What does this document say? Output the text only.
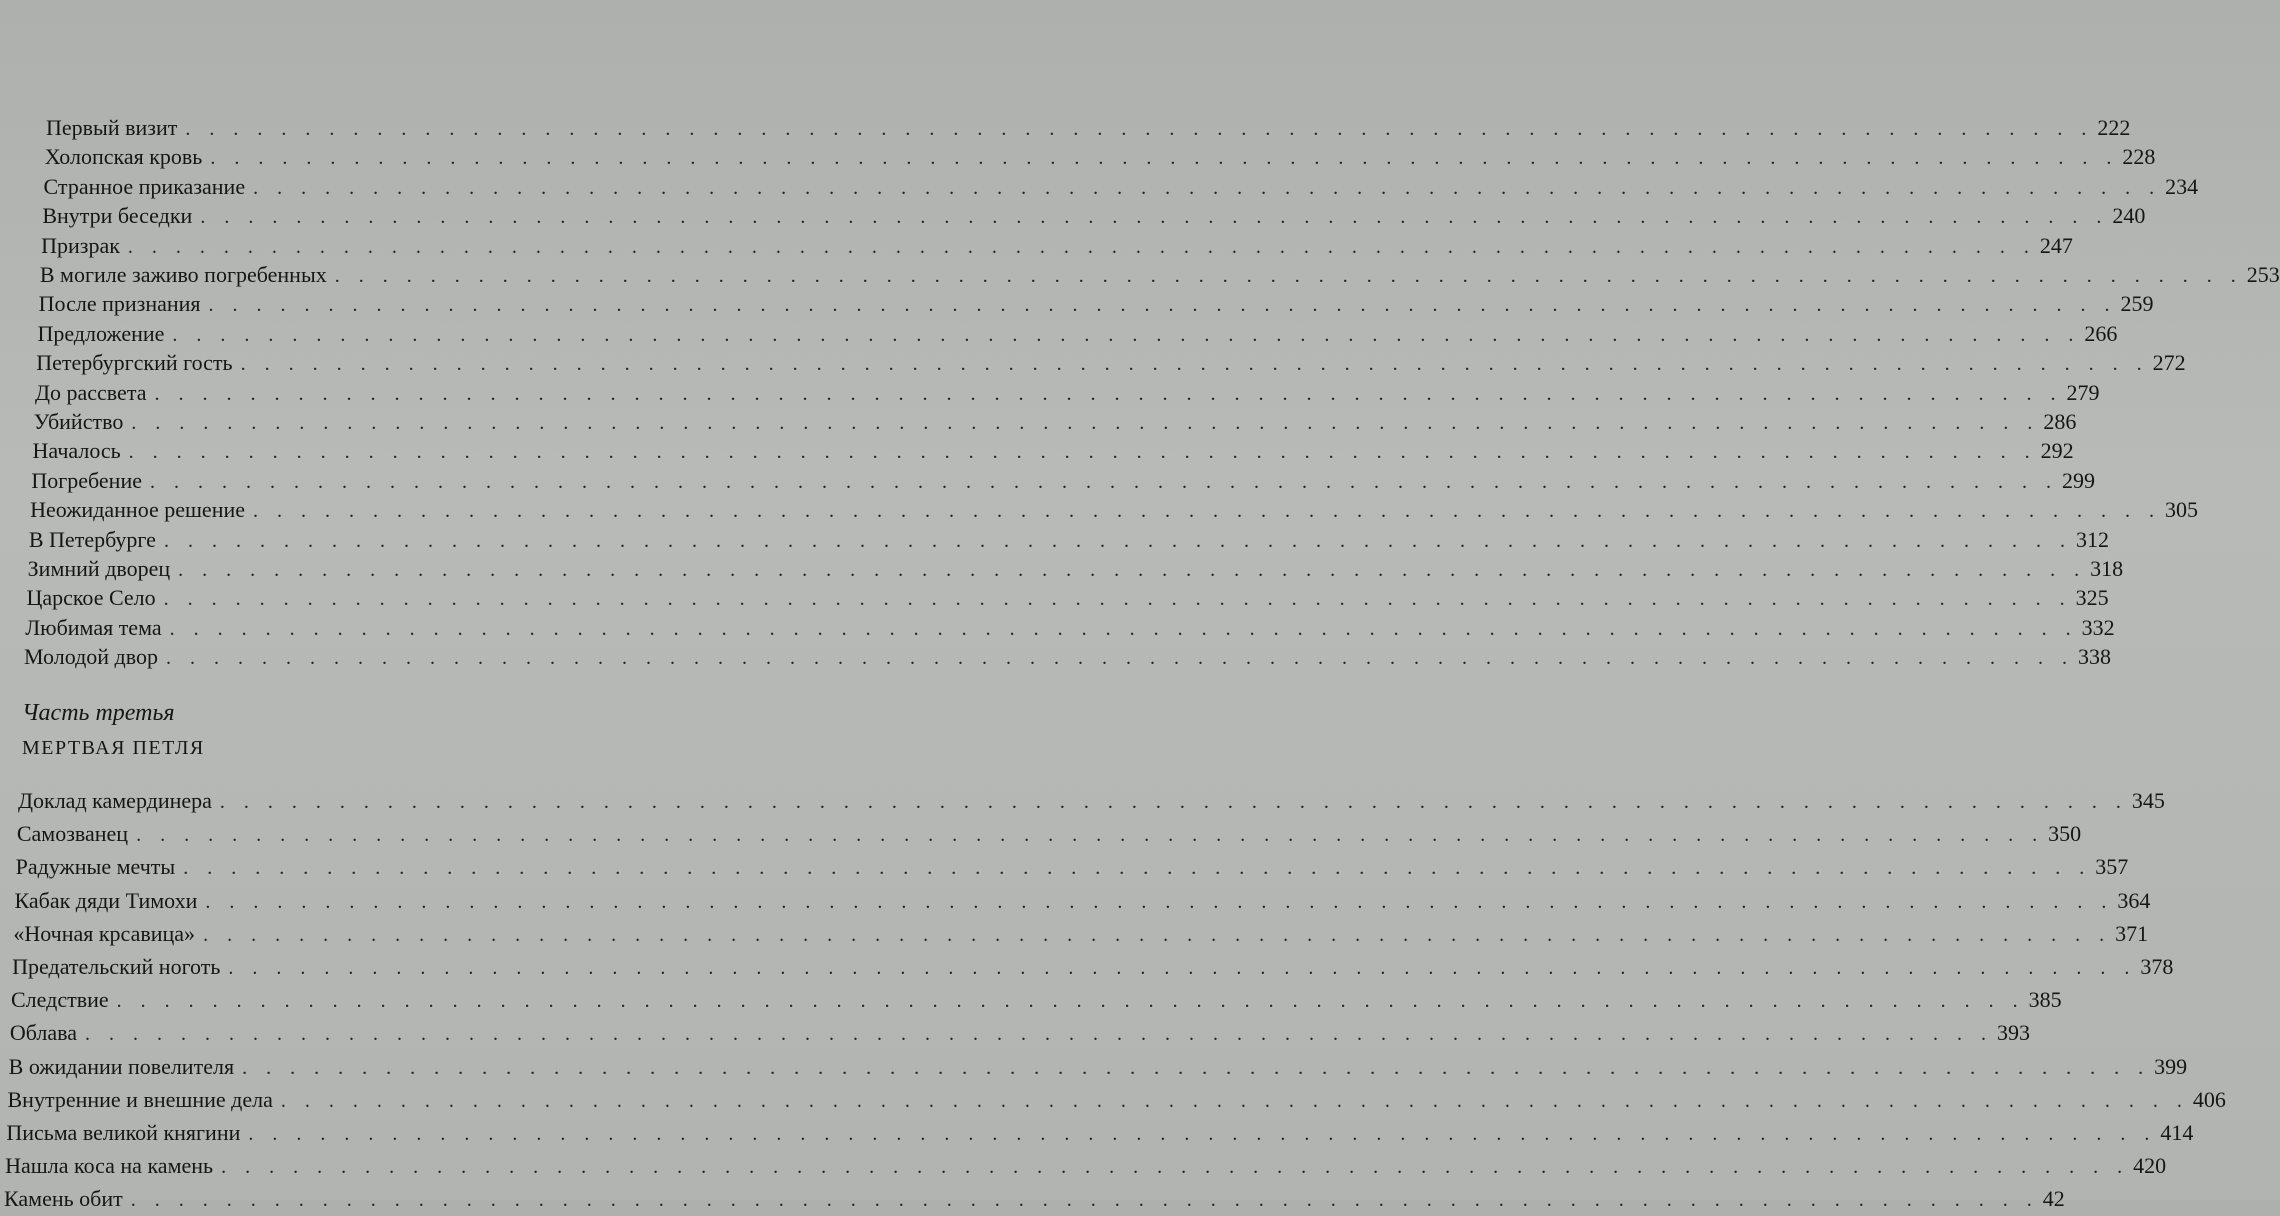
Первый визит . . . . . . . . . . . . . . . . . . . . . . . . . . . . . . . . . . . . . . . . . . . . . . . . . . . . . . . . . . . . . . . . . . . . . . . . . . . . . . . . 222
Холопская кровь . . . . . . . . . . . . . . . . . . . . . . . . . . . . . . . . . . . . . . . . . . . . . . . . . . . . . . . . . . . . . . . . . . . . . . . . . . . . . . . . 228
Странное приказание . . . . . . . . . . . . . . . . . . . . . . . . . . . . . . . . . . . . . . . . . . . . . . . . . . . . . . . . . . . . . . . . . . . . . . . . . . . . . . . . 234
Внутри беседки . . . . . . . . . . . . . . . . . . . . . . . . . . . . . . . . . . . . . . . . . . . . . . . . . . . . . . . . . . . . . . . . . . . . . . . . . . . . . . . . 240
Призрак . . . . . . . . . . . . . . . . . . . . . . . . . . . . . . . . . . . . . . . . . . . . . . . . . . . . . . . . . . . . . . . . . . . . . . . . . . . . . . . . 247
В могиле заживо погребенных . . . . . . . . . . . . . . . . . . . . . . . . . . . . . . . . . . . . . . . . . . . . . . . . . . . . . . . . . . . . . . . . . . . . . . . . . . . . . . . . 253
После признания . . . . . . . . . . . . . . . . . . . . . . . . . . . . . . . . . . . . . . . . . . . . . . . . . . . . . . . . . . . . . . . . . . . . . . . . . . . . . . . . 259
Предложение . . . . . . . . . . . . . . . . . . . . . . . . . . . . . . . . . . . . . . . . . . . . . . . . . . . . . . . . . . . . . . . . . . . . . . . . . . . . . . . . 266
Петербургский гость . . . . . . . . . . . . . . . . . . . . . . . . . . . . . . . . . . . . . . . . . . . . . . . . . . . . . . . . . . . . . . . . . . . . . . . . . . . . . . . . 272
До рассвета . . . . . . . . . . . . . . . . . . . . . . . . . . . . . . . . . . . . . . . . . . . . . . . . . . . . . . . . . . . . . . . . . . . . . . . . . . . . . . . . 279
Убийство . . . . . . . . . . . . . . . . . . . . . . . . . . . . . . . . . . . . . . . . . . . . . . . . . . . . . . . . . . . . . . . . . . . . . . . . . . . . . . . . 286
Началось . . . . . . . . . . . . . . . . . . . . . . . . . . . . . . . . . . . . . . . . . . . . . . . . . . . . . . . . . . . . . . . . . . . . . . . . . . . . . . . . 292
Погребение . . . . . . . . . . . . . . . . . . . . . . . . . . . . . . . . . . . . . . . . . . . . . . . . . . . . . . . . . . . . . . . . . . . . . . . . . . . . . . . . 299
Неожиданное решение . . . . . . . . . . . . . . . . . . . . . . . . . . . . . . . . . . . . . . . . . . . . . . . . . . . . . . . . . . . . . . . . . . . . . . . . . . . . . . . . 305
В Петербурге . . . . . . . . . . . . . . . . . . . . . . . . . . . . . . . . . . . . . . . . . . . . . . . . . . . . . . . . . . . . . . . . . . . . . . . . . . . . . . . . 312
Зимний дворец . . . . . . . . . . . . . . . . . . . . . . . . . . . . . . . . . . . . . . . . . . . . . . . . . . . . . . . . . . . . . . . . . . . . . . . . . . . . . . . . 318
Царское Село . . . . . . . . . . . . . . . . . . . . . . . . . . . . . . . . . . . . . . . . . . . . . . . . . . . . . . . . . . . . . . . . . . . . . . . . . . . . . . . . 325
Любимая тема . . . . . . . . . . . . . . . . . . . . . . . . . . . . . . . . . . . . . . . . . . . . . . . . . . . . . . . . . . . . . . . . . . . . . . . . . . . . . . . . 332
Молодой двор . . . . . . . . . . . . . . . . . . . . . . . . . . . . . . . . . . . . . . . . . . . . . . . . . . . . . . . . . . . . . . . . . . . . . . . . . . . . . . . . 338
Часть третья
МЕРТВАЯ ПЕТЛЯ
Доклад камердинера . . . . . . . . . . . . . . . . . . . . . . . . . . . . . . . . . . . . . . . . . . . . . . . . . . . . . . . . . . . . . . . . . . . . . . . . . . . . . . . . 345
Самозванец . . . . . . . . . . . . . . . . . . . . . . . . . . . . . . . . . . . . . . . . . . . . . . . . . . . . . . . . . . . . . . . . . . . . . . . . . . . . . . . . 350
Радужные мечты . . . . . . . . . . . . . . . . . . . . . . . . . . . . . . . . . . . . . . . . . . . . . . . . . . . . . . . . . . . . . . . . . . . . . . . . . . . . . . . . 357
Кабак дяди Тимохи . . . . . . . . . . . . . . . . . . . . . . . . . . . . . . . . . . . . . . . . . . . . . . . . . . . . . . . . . . . . . . . . . . . . . . . . . . . . . . . . 364
«Ночная крсавица» . . . . . . . . . . . . . . . . . . . . . . . . . . . . . . . . . . . . . . . . . . . . . . . . . . . . . . . . . . . . . . . . . . . . . . . . . . . . . . . . 371
Предательский ноготь . . . . . . . . . . . . . . . . . . . . . . . . . . . . . . . . . . . . . . . . . . . . . . . . . . . . . . . . . . . . . . . . . . . . . . . . . . . . . . . . 378
Следствие . . . . . . . . . . . . . . . . . . . . . . . . . . . . . . . . . . . . . . . . . . . . . . . . . . . . . . . . . . . . . . . . . . . . . . . . . . . . . . . . 385
Облава . . . . . . . . . . . . . . . . . . . . . . . . . . . . . . . . . . . . . . . . . . . . . . . . . . . . . . . . . . . . . . . . . . . . . . . . . . . . . . . . 393
В ожидании повелителя . . . . . . . . . . . . . . . . . . . . . . . . . . . . . . . . . . . . . . . . . . . . . . . . . . . . . . . . . . . . . . . . . . . . . . . . . . . . . . . . 399
Внутренние и внешние дела . . . . . . . . . . . . . . . . . . . . . . . . . . . . . . . . . . . . . . . . . . . . . . . . . . . . . . . . . . . . . . . . . . . . . . . . . . . . . . . . 406
Письма великой княгини . . . . . . . . . . . . . . . . . . . . . . . . . . . . . . . . . . . . . . . . . . . . . . . . . . . . . . . . . . . . . . . . . . . . . . . . . . . . . . . . 414
Нашла коса на камень . . . . . . . . . . . . . . . . . . . . . . . . . . . . . . . . . . . . . . . . . . . . . . . . . . . . . . . . . . . . . . . . . . . . . . . . . . . . . . . . 420
Камень обит . . . . . . . . . . . . . . . . . . . . . . . . . . . . . . . . . . . . . . . . . . . . . . . . . . . . . . . . . . . . . . . . . . . . . . . . . . . . . . . . 42
